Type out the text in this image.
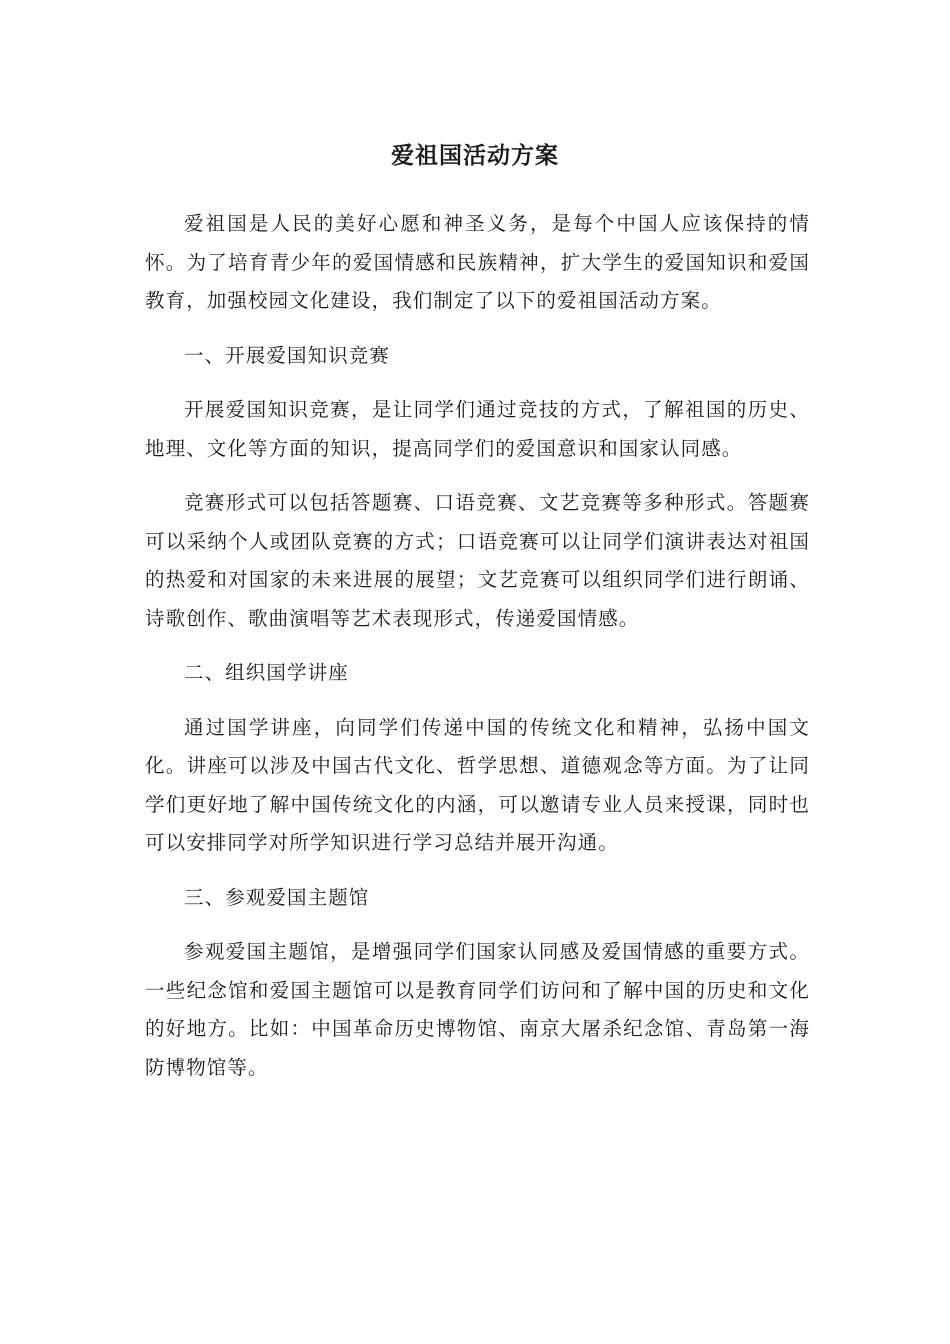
爱祖国活动方案

爱祖国是人民的美好心愿和神圣义务，是每个中国人应该保持的情怀。为了培育青少年的爱国情感和民族精神，扩大学生的爱国知识和爱国教育，加强校园文化建设，我们制定了以下的爱祖国活动方案。

一、开展爱国知识竞赛

开展爱国知识竞赛，是让同学们通过竞技的方式，了解祖国的历史、地理、文化等方面的知识，提高同学们的爱国意识和国家认同感。

竞赛形式可以包括答题赛、口语竞赛、文艺竞赛等多种形式。答题赛可以采纳个人或团队竞赛的方式；口语竞赛可以让同学们演讲表达对祖国的热爱和对国家的未来进展的展望；文艺竞赛可以组织同学们进行朗诵、诗歌创作、歌曲演唱等艺术表现形式，传递爱国情感。

二、组织国学讲座

通过国学讲座，向同学们传递中国的传统文化和精神，弘扬中国文化。讲座可以涉及中国古代文化、哲学思想、道德观念等方面。为了让同学们更好地了解中国传统文化的内涵，可以邀请专业人员来授课，同时也可以安排同学对所学知识进行学习总结并展开沟通。

三、参观爱国主题馆

参观爱国主题馆，是增强同学们国家认同感及爱国情感的重要方式。一些纪念馆和爱国主题馆可以是教育同学们访问和了解中国的历史和文化的好地方。比如：中国革命历史博物馆、南京大屠杀纪念馆、青岛第一海防博物馆等。
